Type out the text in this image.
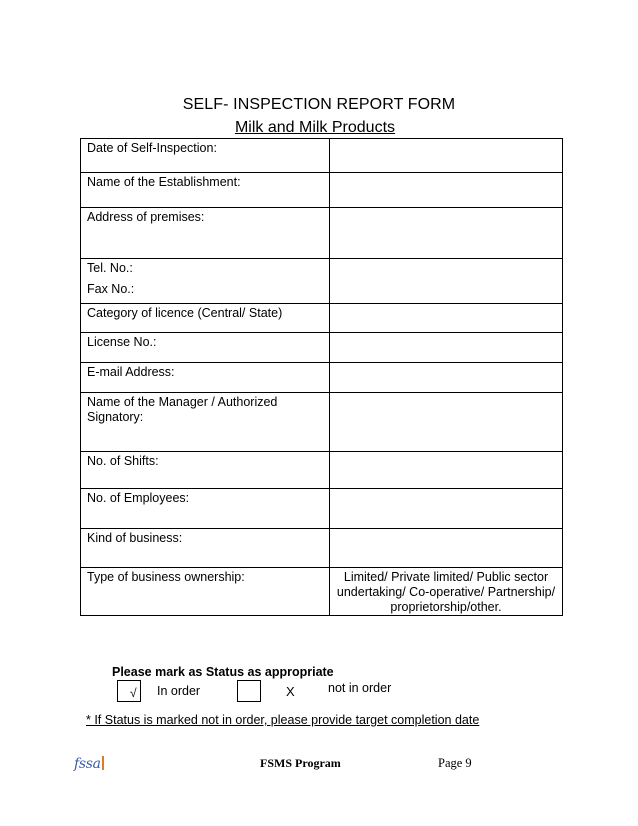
SELF- INSPECTION REPORT FORM
Milk and Milk Products
Date of Self-Inspection:	
Name of the Establishment:	
Address of premises:	

Tel. No.:
Fax No.:	

Category of licence (Central/ State)	
License No.:	
E-mail Address:	
Name of the Manager / Authorized Signatory:	
No. of Shifts:	
No. of Employees:	
Kind of business:	
Type of business ownership:	Limited/ Private limited/ Public sector undertaking/ Co-operative/ Partnership/ proprietorship/other.
Please mark as Status as appropriate
√ In order	X	not in order
* If Status is marked not in order, please provide target completion date
fssa	FSMS Program	Page 9
